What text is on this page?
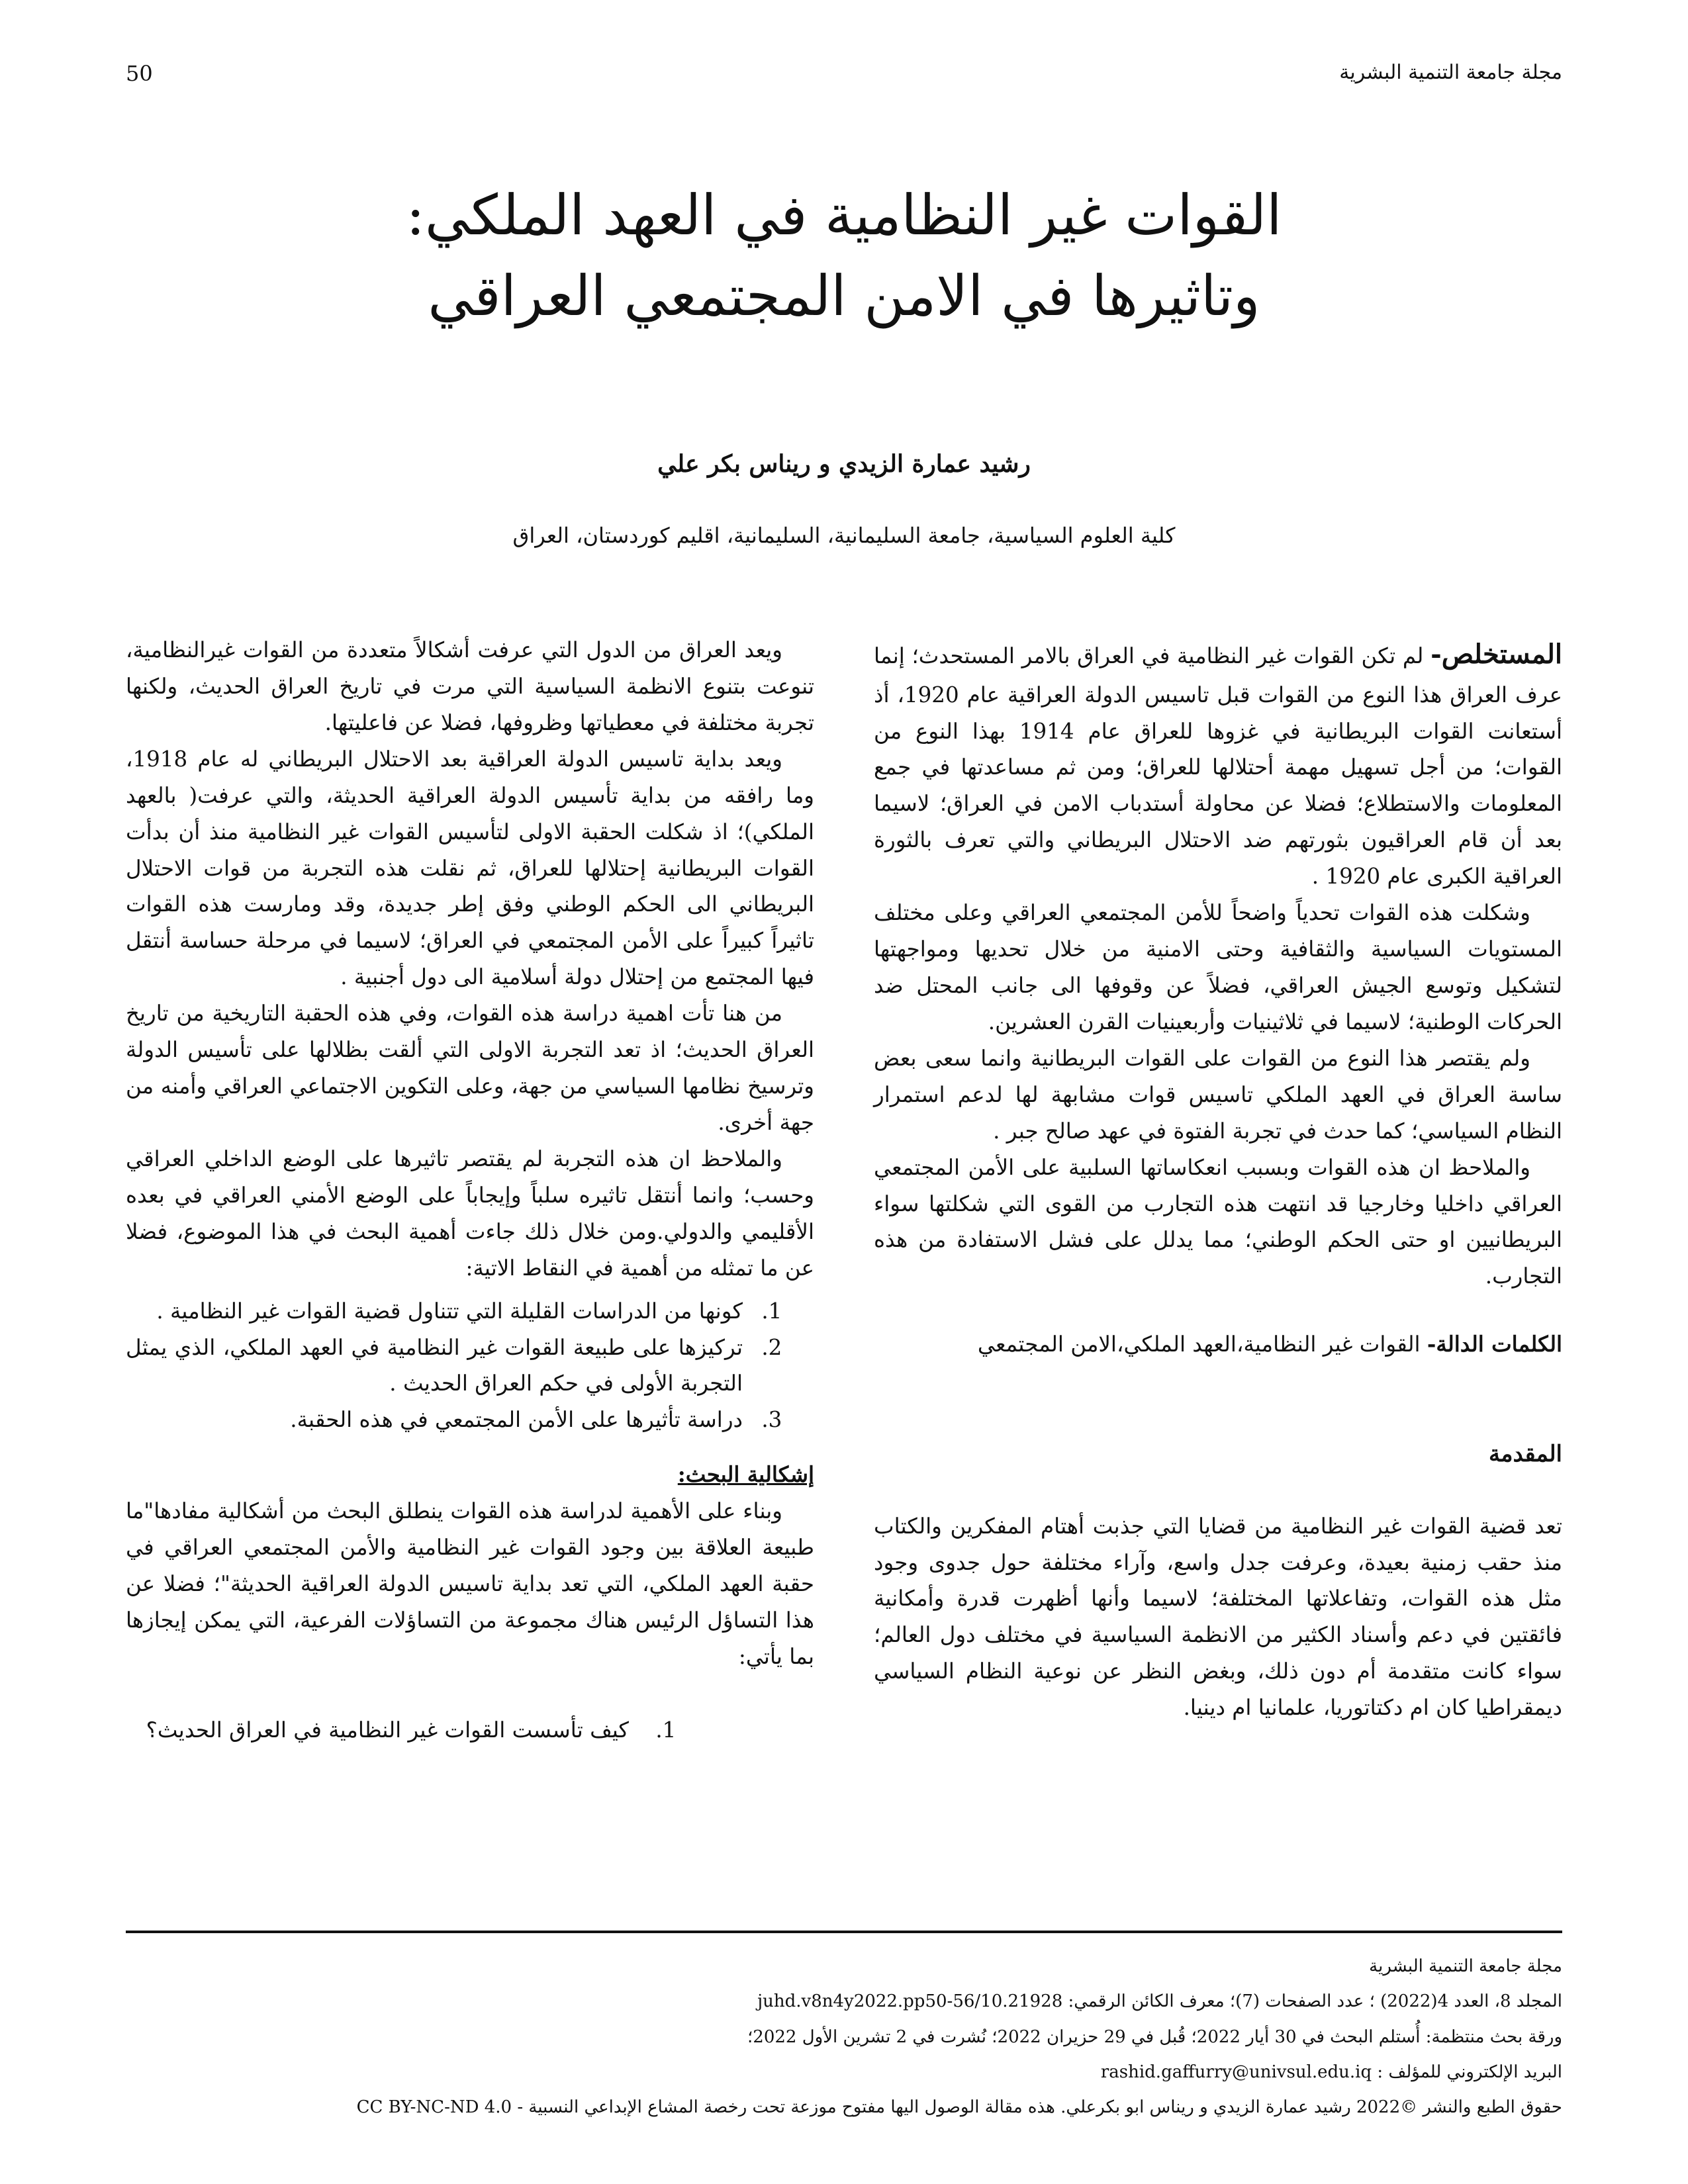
مجلة جامعة التنمية البشرية
50
القوات غير النظامية في العهد الملكي:
وتاثيرها في الامن المجتمعي العراقي
رشيد عمارة الزيدي و ريناس بكر علي
كلية العلوم السياسية، جامعة السليمانية، السليمانية، اقليم كوردستان، العراق

المستخلص- لم تكن القوات غير النظامية في العراق بالامر المستحدث؛ إنما عرف العراق هذا النوع من القوات قبل تاسيس الدولة العراقية عام 1920، أذ أستعانت القوات البريطانية في غزوها للعراق عام 1914 بهذا النوع من القوات؛ من أجل تسهيل مهمة أحتلالها للعراق؛ ومن ثم مساعدتها في جمع المعلومات والاستطلاع؛ فضلا عن محاولة أستدباب الامن في العراق؛ لاسيما بعد أن قام العراقيون بثورتهم ضد الاحتلال البريطاني والتي تعرف بالثورة العراقية الكبرى عام 1920 .

وشكلت هذه القوات تحدياً واضحاً للأمن المجتمعي العراقي وعلى مختلف المستويات السياسية والثقافية وحتى الامنية من خلال تحديها ومواجهتها لتشكيل وتوسع الجيش العراقي، فضلاً عن وقوفها الى جانب المحتل ضد الحركات الوطنية؛ لاسيما في ثلاثينيات وأربعينيات القرن العشرين.

ولم يقتصر هذا النوع من القوات على القوات البريطانية وانما سعى بعض ساسة العراق في العهد الملكي تاسيس قوات مشابهة لها لدعم استمرار النظام السياسي؛ كما حدث في تجربة الفتوة في عهد صالح جبر .

والملاحظ ان هذه القوات وبسبب انعكاساتها السلبية على الأمن المجتمعي العراقي داخليا وخارجيا قد انتهت هذه التجارب من القوى التي شكلتها سواء البريطانيين او حتى الحكم الوطني؛ مما يدلل على فشل الاستفادة من هذه التجارب.

الكلمات الدالة- القوات غير النظامية،العهد الملكي،الامن المجتمعي

المقدمة

تعد قضية القوات غير النظامية من قضايا التي جذبت أهتام المفكرين والكتاب منذ حقب زمنية بعيدة، وعرفت جدل واسع، وآراء مختلفة حول جدوى وجود مثل هذه القوات، وتفاعلاتها المختلفة؛ لاسيما وأنها أظهرت قدرة وأمكانية فائقتين في دعم وأسناد الكثير من الانظمة السياسية في مختلف دول العالم؛ سواء كانت متقدمة أم دون ذلك، وبغض النظر عن نوعية النظام السياسي ديمقراطيا كان ام دكتاتوريا، علمانيا ام دينيا.

ويعد العراق من الدول التي عرفت أشكالاً متعددة من القوات غيرالنظامية، تنوعت بتنوع الانظمة السياسية التي مرت في تاريخ العراق الحديث، ولكنها تجربة مختلفة في معطياتها وظروفها، فضلا عن فاعليتها.

ويعد بداية تاسيس الدولة العراقية بعد الاحتلال البريطاني له عام 1918، وما رافقه من بداية تأسيس الدولة العراقية الحديثة، والتي عرفت( بالعهد الملكي)؛ اذ شكلت الحقبة الاولى لتأسيس القوات غير النظامية منذ أن بدأت القوات البريطانية إحتلالها للعراق، ثم نقلت هذه التجربة من قوات الاحتلال البريطاني الى الحكم الوطني وفق إطر جديدة، وقد ومارست هذه القوات تاثيراً كبيراً على الأمن المجتمعي في العراق؛ لاسيما في مرحلة حساسة أنتقل فيها المجتمع من إحتلال دولة أسلامية الى دول أجنبية .

من هنا تأت اهمية دراسة هذه القوات، وفي هذه الحقبة التاريخية من تاريخ العراق الحديث؛ اذ تعد التجربة الاولى التي ألقت بظلالها على تأسيس الدولة وترسيخ نظامها السياسي من جهة، وعلى التكوين الاجتماعي العراقي وأمنه من جهة أخرى.

والملاحظ ان هذه التجربة لم يقتصر تاثيرها على الوضع الداخلي العراقي وحسب؛ وانما أنتقل تاثيره سلباً وإيجاباً على الوضع الأمني العراقي في بعده الأقليمي والدولي.ومن خلال ذلك جاءت أهمية البحث في هذا الموضوع، فضلا عن ما تمثله من أهمية في النقاط الاتية:

1. كونها من الدراسات القليلة التي تتناول قضية القوات غير النظامية .
2. تركيزها على طبيعة القوات غير النظامية في العهد الملكي، الذي يمثل التجربة الأولى في حكم العراق الحديث .
3. دراسة تأثيرها على الأمن المجتمعي في هذه الحقبة.

إشكالية البحث:

وبناء على الأهمية لدراسة هذه القوات ينطلق البحث من أشكالية مفادها"ما طبيعة العلاقة بين وجود القوات غير النظامية والأمن المجتمعي العراقي في حقبة العهد الملكي، التي تعد بداية تاسيس الدولة العراقية الحديثة"؛ فضلا عن هذا التساؤل الرئيس هناك مجموعة من التساؤلات الفرعية، التي يمكن إيجازها بما يأتي:

1. كيف تأسست القوات غير النظامية في العراق الحديث؟
مجلة جامعة التنمية البشرية
المجلد 8، العدد 4(2022) ؛ عدد الصفحات (7)؛ معرف الكائن الرقمي: 10.21928/juhd.v8n4y2022.pp50-56
ورقة بحث منتظمة: أُستلم البحث في 30 أيار 2022؛ قُبل في 29 حزيران 2022؛ نُشرت في 2 تشرين الأول 2022؛
البريد الإلكتروني للمؤلف : rashid.gaffurry@univsul.edu.iq
حقوق الطبع والنشر ©2022 رشيد عمارة الزيدي و ريناس ابو بكرعلي. هذه مقالة الوصول اليها مفتوح موزعة تحت رخصة المشاع الإبداعي النسبية - CC BY-NC-ND 4.0
